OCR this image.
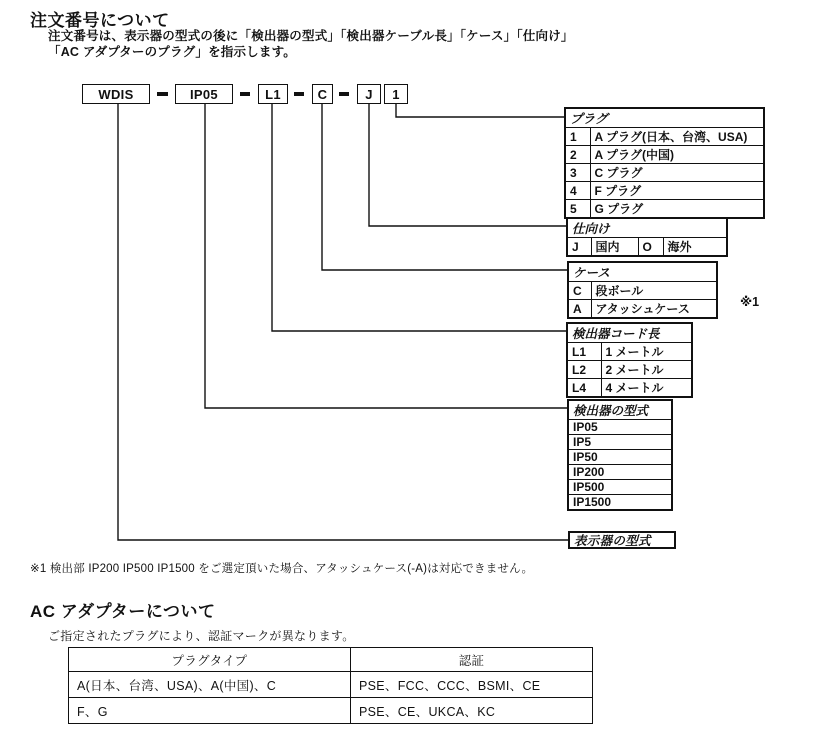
注文番号について
注文番号は、表示器の型式の後に「検出器の型式」「検出器ケーブル長」「ケース」「仕向け」
「AC アダプターのプラグ」を指示します。
WDIS	IP05	L1	C	J	1
プラグ	
1	A プラグ(日本、台湾、USA)
2	A プラグ(中国)
3	C プラグ
4	F プラグ
5	G プラグ
仕向け
J	国内	O	海外
ケース	
C	段ボール
A	アタッシュケース	※1
検出器コード長	
L1	1 メートル
L2	2 メートル
L4	4 メートル
検出器の型式
IP05
IP5
IP50
IP200
IP500
IP1500
表示器の型式
※1 検出部 IP200 IP500 IP1500 をご選定頂いた場合、アタッシュケース(-A)は対応できません。
AC アダプターについて
ご指定されたプラグにより、認証マークが異なります。
プラグタイプ	認証
A(日本、台湾、USA)、A(中国)、C	PSE、FCC、CCC、BSMI、CE
F、G	PSE、CE、UKCA、KC
